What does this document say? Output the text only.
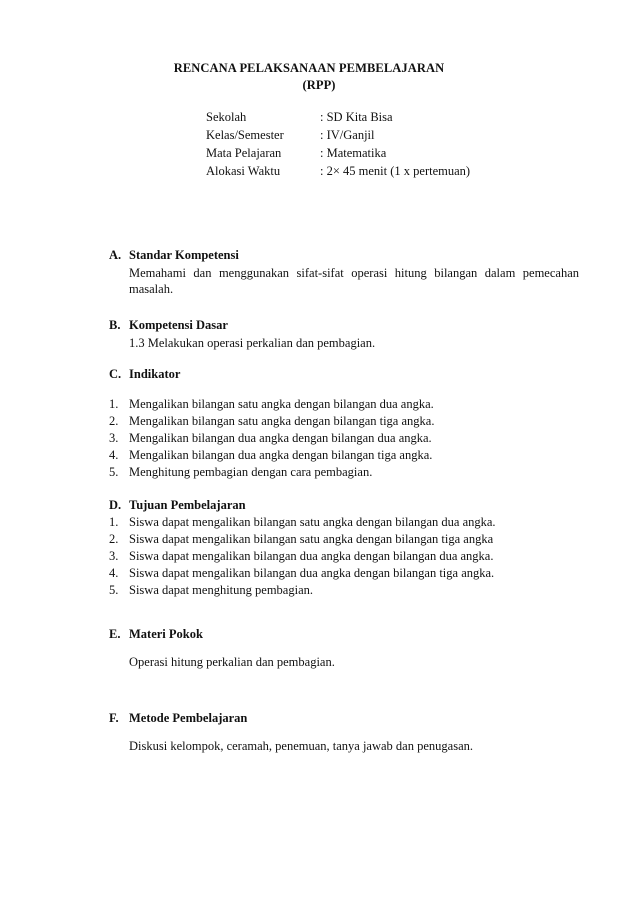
RENCANA PELAKSANAAN PEMBELAJARAN
(RPP)
Sekolah	: SD Kita Bisa
Kelas/Semester	: IV/Ganjil
Mata Pelajaran	: Matematika
Alokasi Waktu	: 2× 45 menit (1 x pertemuan)
A. Standar Kompetensi
Memahami dan menggunakan sifat-sifat operasi hitung bilangan dalam pemecahan
masalah.
B. Kompetensi Dasar
1.3 Melakukan operasi perkalian dan pembagian.
C. Indikator
1. Mengalikan bilangan satu angka dengan bilangan dua angka.
2. Mengalikan bilangan satu angka dengan bilangan tiga angka.
3. Mengalikan bilangan dua angka dengan bilangan dua angka.
4. Mengalikan bilangan dua angka dengan bilangan tiga angka.
5. Menghitung pembagian dengan cara pembagian.
D. Tujuan Pembelajaran
1. Siswa dapat mengalikan bilangan satu angka dengan bilangan dua angka.
2. Siswa dapat mengalikan bilangan satu angka dengan bilangan tiga angka
3. Siswa dapat mengalikan bilangan dua angka dengan bilangan dua angka.
4. Siswa dapat mengalikan bilangan dua angka dengan bilangan tiga angka.
5. Siswa dapat menghitung pembagian.
E. Materi Pokok
Operasi hitung perkalian dan pembagian.
F. Metode Pembelajaran
Diskusi kelompok, ceramah, penemuan, tanya jawab dan penugasan.
